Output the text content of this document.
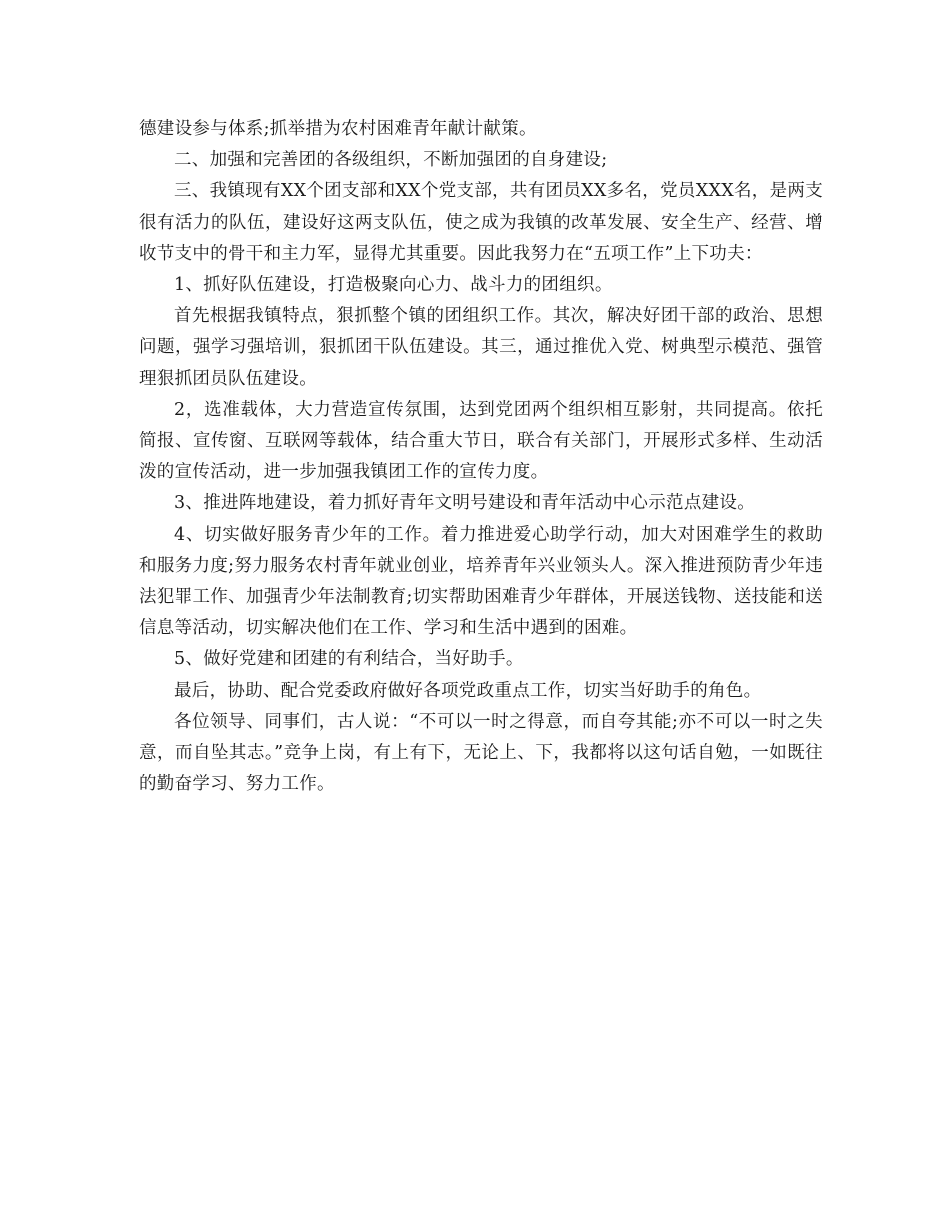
德建设参与体系;抓举措为农村困难青年献计献策。

二、加强和完善团的各级组织，不断加强团的自身建设;

三、我镇现有XX个团支部和XX个党支部，共有团员XX多名，党员XXX名，是两支很有活力的队伍，建设好这两支队伍，使之成为我镇的改革发展、安全生产、经营、增收节支中的骨干和主力军，显得尤其重要。因此我努力在“五项工作”上下功夫：

1、抓好队伍建设，打造极聚向心力、战斗力的团组织。

首先根据我镇特点，狠抓整个镇的团组织工作。其次，解决好团干部的政治、思想问题，强学习强培训，狠抓团干队伍建设。其三，通过推优入党、树典型示模范、强管理狠抓团员队伍建设。

2，选准载体，大力营造宣传氛围，达到党团两个组织相互影射，共同提高。依托简报、宣传窗、互联网等载体，结合重大节日，联合有关部门，开展形式多样、生动活泼的宣传活动，进一步加强我镇团工作的宣传力度。

3、推进阵地建设，着力抓好青年文明号建设和青年活动中心示范点建设。

4、切实做好服务青少年的工作。着力推进爱心助学行动，加大对困难学生的救助和服务力度;努力服务农村青年就业创业，培养青年兴业领头人。深入推进预防青少年违法犯罪工作、加强青少年法制教育;切实帮助困难青少年群体，开展送钱物、送技能和送信息等活动，切实解决他们在工作、学习和生活中遇到的困难。

5、做好党建和团建的有利结合，当好助手。

最后，协助、配合党委政府做好各项党政重点工作，切实当好助手的角色。

各位领导、同事们，古人说：“不可以一时之得意，而自夸其能;亦不可以一时之失意，而自坠其志。”竞争上岗，有上有下，无论上、下，我都将以这句话自勉，一如既往的勤奋学习、努力工作。
